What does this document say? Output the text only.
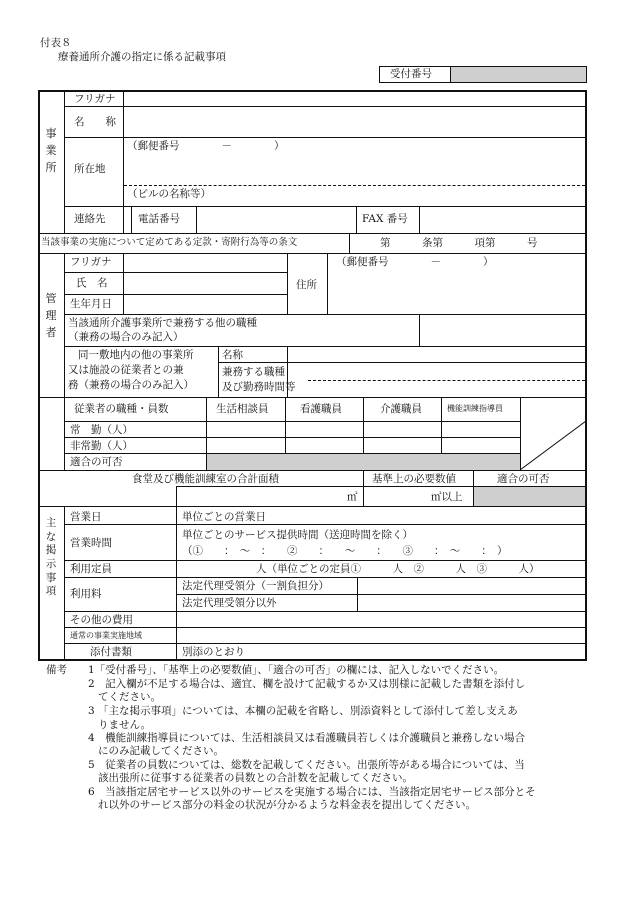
付表８
療養通所介護の指定に係る記載事項
受付番号
事
業
所
フリガナ
名　　称
所在地
（郵便番号　　　　－　　　　）
（ビルの名称等）
連絡先	電話番号	FAX 番号
当該事業の実施について定めてある定款・寄附行為等の条文	第　　　条第　　　項第　　　号
管
理
者
フリガナ
氏　名
生年月日
住所
（郵便番号　　　　－　　　　）
当該通所介護事業所で兼務する他の職種
（兼務の場合のみ記入）
同一敷地内の他の事業所
又は施設の従業者との兼
務（兼務の場合のみ記入）
名称
兼務する職種
及び勤務時間等
従業者の職種・員数	生活相談員	看護職員	介護職員	機能訓練指導員
常　勤（人）
非常勤（人）
適合の可否
食堂及び機能訓練室の合計面積	基準上の必要数値	適合の可否
㎡	㎡以上
主
な
掲
示
事
項
営業日	単位ごとの営業日
営業時間
単位ごとのサービス提供時間（送迎時間を除く）
（①　　：　～　：　　②　　：　　～　　：　　③　　：　～　　：　）
利用定員	人（単位ごとの定員①　　　人　②　　　人　③　　　人）
利用料
法定代理受領分（一割負担分）
法定代理受領分以外
その他の費用
通常の事業実施地域
添付書類	別添のとおり
備考 1「受付番号」、「基準上の必要数値」、「適合の可否」の欄には、記入しないでください。
2　記入欄が不足する場合は、適宜、欄を設けて記載するか又は別様に記載した書類を添付し
てください。
3 「主な掲示事項」については、本欄の記載を省略し、別添資料として添付して差し支えあ
りません。
4　機能訓練指導員については、生活相談員又は看護職員若しくは介護職員と兼務しない場合
にのみ記載してください。
5　従業者の員数については、総数を記載してください。出張所等がある場合については、当
該出張所に従事する従業者の員数との合計数を記載してください。
6　当該指定居宅サービス以外のサービスを実施する場合には、当該指定居宅サービス部分とそ
れ以外のサービス部分の料金の状況が分かるような料金表を提出してください。
